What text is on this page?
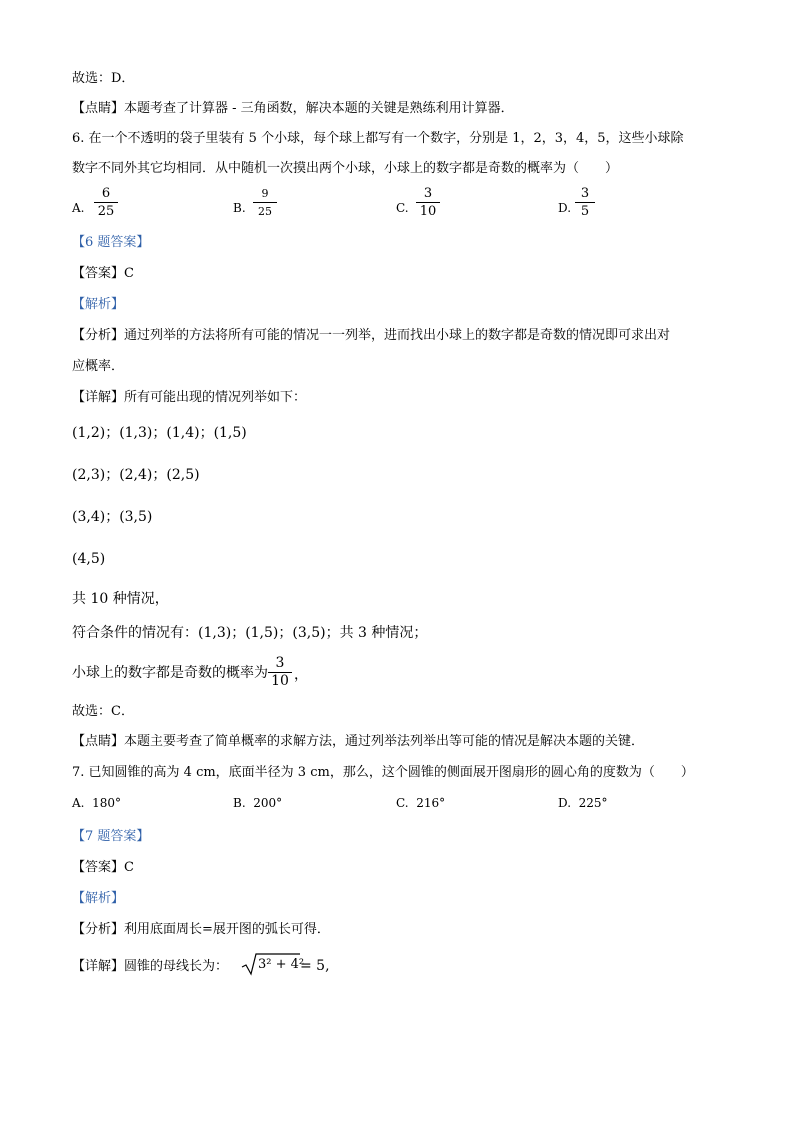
故选：D．
【点睛】本题考查了计算器 - 三角函数，解决本题的关键是熟练利用计算器．
6. 在一个不透明的袋子里装有 5 个小球，每个球上都写有一个数字，分别是 1，2，3，4，5，这些小球除
数字不同外其它均相同．从中随机一次摸出两个小球，小球上的数字都是奇数的概率为（　　）
A. $\frac{6}{25}$	B. $\frac{9}{25}$	C. $\frac{3}{10}$	D. $\frac{3}{5}$
【6 题答案】
【答案】C
【解析】
【分析】通过列举的方法将所有可能的情况一一列举，进而找出小球上的数字都是奇数的情况即可求出对
应概率．
【详解】所有可能出现的情况列举如下：
(1,2)；(1,3)；(1,4)；(1,5)
(2,3)；(2,4)；(2,5)
(3,4)；(3,5)
(4,5)
共 10 种情况，
符合条件的情况有：(1,3)；(1,5)；(3,5)；共 3 种情况；
小球上的数字都是奇数的概率为 $\frac{3}{10}$ ，
故选：C．
【点睛】本题主要考查了简单概率的求解方法，通过列举法列举出等可能的情况是解决本题的关键．
7. 已知圆锥的高为 4 cm，底面半径为 3 cm，那么，这个圆锥的侧面展开图扇形的圆心角的度数为（　　）
A. 180°	B. 200°	C. 216°	D. 225°
【7 题答案】
【答案】C
【解析】
【分析】利用底面周长=展开图的弧长可得．
【详解】圆锥的母线长为： 3² + 4²
= 5,
